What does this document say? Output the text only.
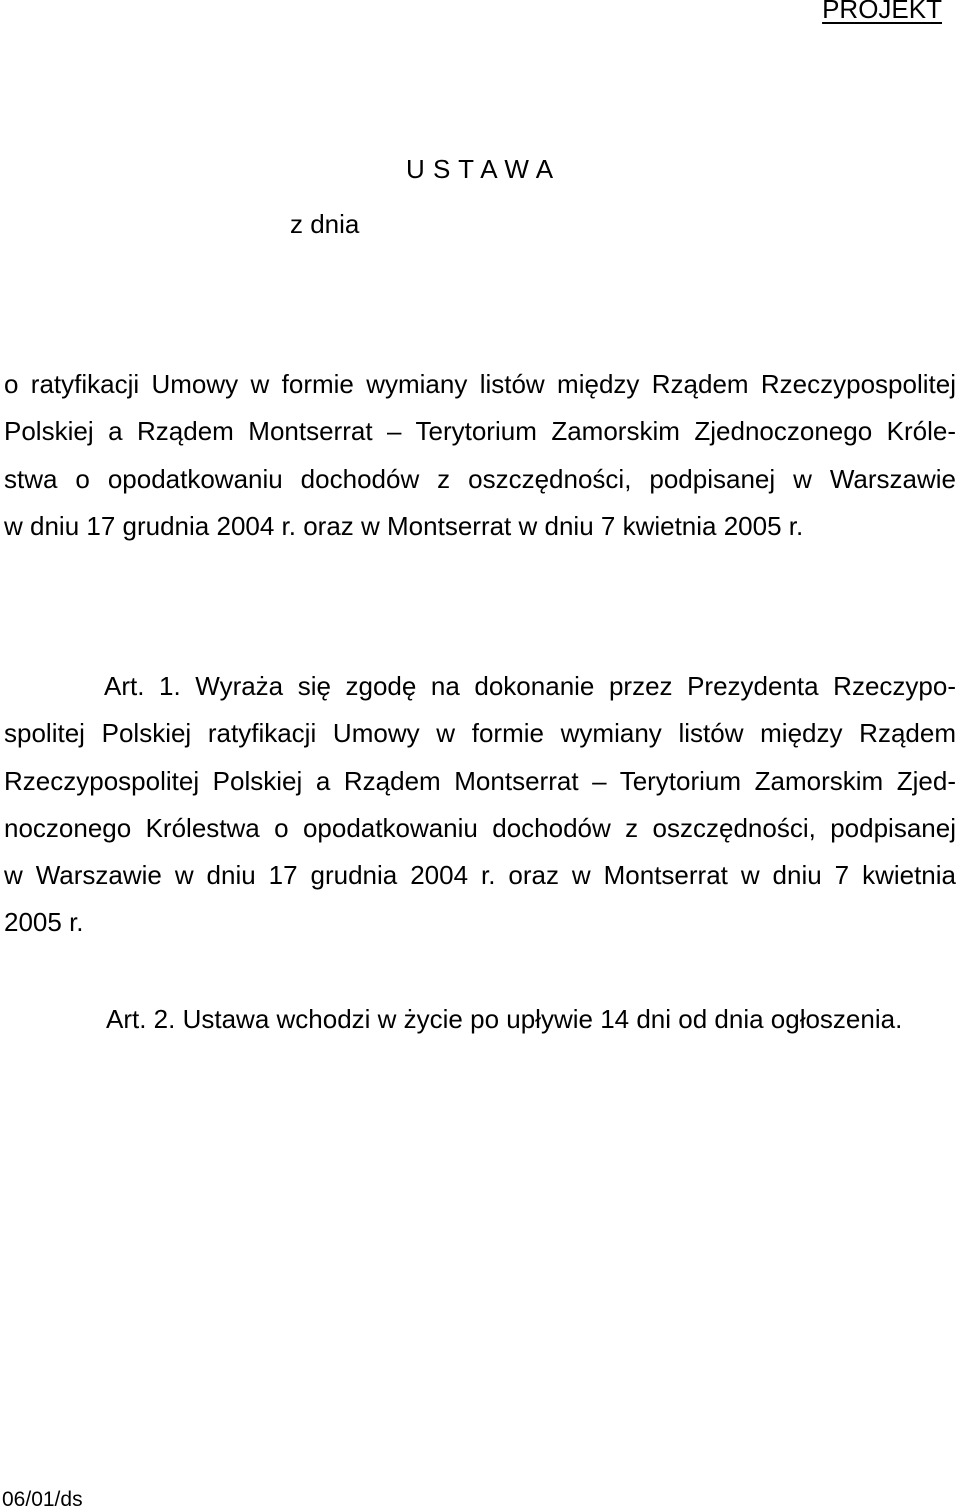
PROJEKT
U S T A W A
z dnia
o ratyfikacji Umowy w formie wymiany listów między Rządem Rzeczypospolitej
Polskiej a Rządem Montserrat – Terytorium Zamorskim Zjednoczonego Króle-
stwa o opodatkowaniu dochodów z oszczędności, podpisanej w Warszawie
w dniu 17 grudnia 2004 r. oraz w Montserrat w dniu 7 kwietnia 2005 r.
Art. 1. Wyraża się zgodę na dokonanie przez Prezydenta Rzeczypo-
spolitej Polskiej ratyfikacji Umowy w formie wymiany listów między Rządem
Rzeczypospolitej Polskiej a Rządem Montserrat – Terytorium Zamorskim Zjed-
noczonego Królestwa o opodatkowaniu dochodów z oszczędności, podpisanej
w Warszawie w dniu 17 grudnia 2004 r. oraz w Montserrat w dniu 7 kwietnia
2005 r.
Art. 2. Ustawa wchodzi w życie po upływie 14 dni od dnia ogłoszenia.
06/01/ds
